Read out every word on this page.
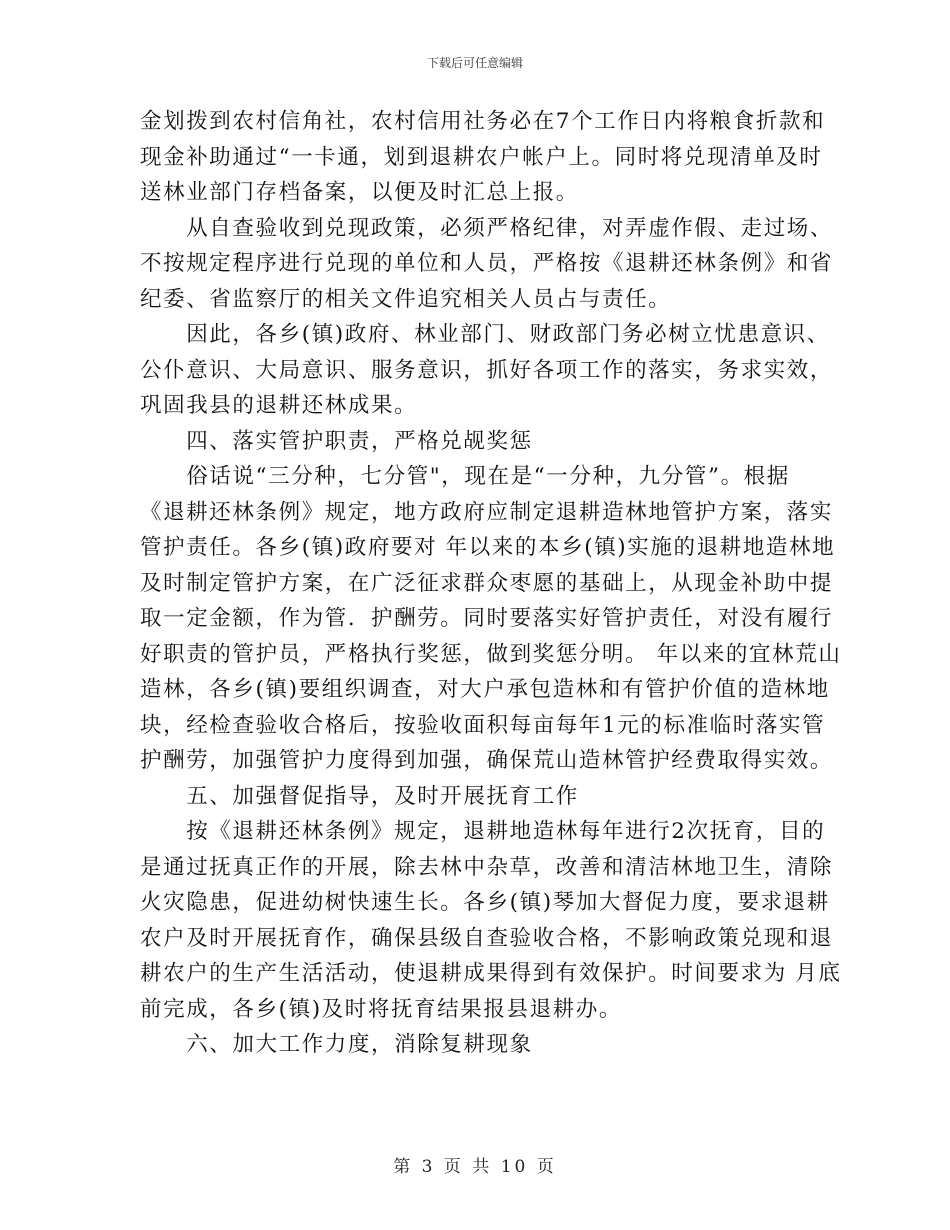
下载后可任意编辑
金划拨到农村信角社，农村信用社务必在7个工作日内将粮食折款和
现金补助通过“一卡通，划到退耕农户帐户上。同时将兑现清单及时
送林业部门存档备案，以便及时汇总上报。
　　从自查验收到兑现政策，必须严格纪律，对弄虚作假、走过场、
不按规定程序进行兑现的单位和人员，严格按《退耕还林条例》和省
纪委、省监察厅的相关文件追究相关人员占与责任。
　　因此，各乡(镇)政府、林业部门、财政部门务必树立忧患意识、
公仆意识、大局意识、服务意识，抓好各项工作的落实，务求实效，
巩固我县的退耕还林成果。
　　四、落实管护职责，严格兑觇奖惩
　　俗话说“三分种，七分管"，现在是“一分种，九分管”。根据
《退耕还林条例》规定，地方政府应制定退耕造林地管护方案，落实
管护责任。各乡(镇)政府要对 年以来的本乡(镇)实施的退耕地造林地
及时制定管护方案，在广泛征求群众枣愿的基础上，从现金补助中提
取一定金额，作为管．护酬劳。同时要落实好管护责任，对没有履行
好职责的管护员，严格执行奖惩，做到奖惩分明。 年以来的宜林荒山
造林，各乡(镇)要组织调查，对大户承包造林和有管护价值的造林地
块，经检查验收合格后，按验收面积每亩每年1元的标准临时落实管
护酬劳，加强管护力度得到加强，确保荒山造林管护经费取得实效。
　　五、加强督促指导，及时开展抚育工作
　　按《退耕还林条例》规定，退耕地造林每年进行2次抚育，目的
是通过抚真正作的开展，除去林中杂草，改善和清洁林地卫生，清除
火灾隐患，促进幼树快速生长。各乡(镇)琴加大督促力度，要求退耕
农户及时开展抚育作，确保县级自查验收合格，不影响政策兑现和退
耕农户的生产生活活动，使退耕成果得到有效保护。时间要求为 月底
前完成，各乡(镇)及时将抚育结果报县退耕办。
　　六、加大工作力度，消除复耕现象
第 3 页 共 10 页
